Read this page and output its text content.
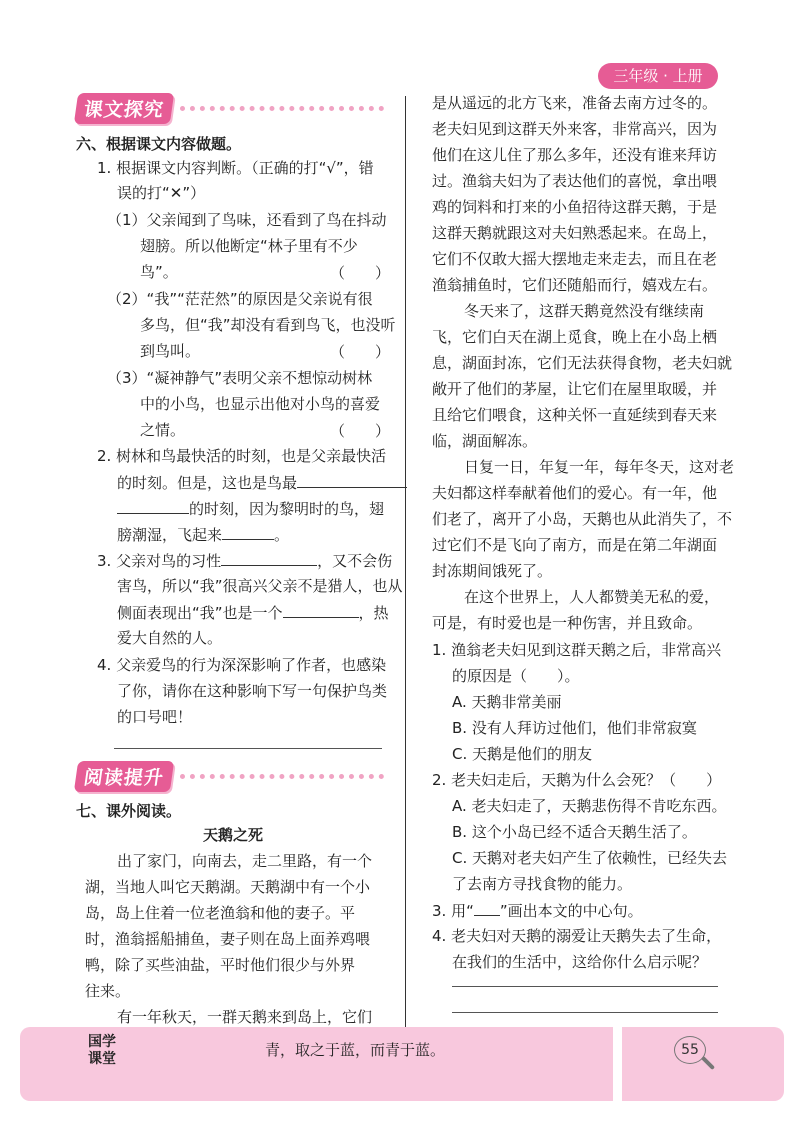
三年级 · 上册
课文探究
六、根据课文内容做题。
1. 根据课文内容判断。（正确的打“√”，错
误的打“✕”）
（1）父亲闻到了鸟味，还看到了鸟在抖动
翅膀。所以他断定“林子里有不少
鸟”。	（　　）
（2）“我”“茫茫然”的原因是父亲说有很
多鸟，但“我”却没有看到鸟飞，也没听
到鸟叫。	（　　）
（3）“凝神静气”表明父亲不想惊动树林
中的小鸟，也显示出他对小鸟的喜爱
之情。	（　　）
2. 树林和鸟最快活的时刻，也是父亲最快活
的时刻。但是，这也是鸟最
的时刻，因为黎明时的鸟，翅
膀潮湿，飞起来	。
3. 父亲对鸟的习性	，又不会伤
害鸟，所以“我”很高兴父亲不是猎人，也从
侧面表现出“我”也是一个	，热
爱大自然的人。
4. 父亲爱鸟的行为深深影响了作者，也感染
了你，请你在这种影响下写一句保护鸟类
的口号吧！
阅读提升
七、课外阅读。
天鹅之死
出了家门，向南去，走二里路，有一个
湖，当地人叫它天鹅湖。天鹅湖中有一个小
岛，岛上住着一位老渔翁和他的妻子。平
时，渔翁摇船捕鱼，妻子则在岛上面养鸡喂
鸭，除了买些油盐，平时他们很少与外界
往来。
有一年秋天，一群天鹅来到岛上，它们
是从遥远的北方飞来，准备去南方过冬的。
老夫妇见到这群天外来客，非常高兴，因为
他们在这儿住了那么多年，还没有谁来拜访
过。渔翁夫妇为了表达他们的喜悦，拿出喂
鸡的饲料和打来的小鱼招待这群天鹅，于是
这群天鹅就跟这对夫妇熟悉起来。在岛上，
它们不仅敢大摇大摆地走来走去，而且在老
渔翁捕鱼时，它们还随船而行，嬉戏左右。
冬天来了，这群天鹅竟然没有继续南
飞，它们白天在湖上觅食，晚上在小岛上栖
息，湖面封冻，它们无法获得食物，老夫妇就
敞开了他们的茅屋，让它们在屋里取暖，并
且给它们喂食，这种关怀一直延续到春天来
临，湖面解冻。
日复一日，年复一年，每年冬天，这对老
夫妇都这样奉献着他们的爱心。有一年，他
们老了，离开了小岛，天鹅也从此消失了，不
过它们不是飞向了南方，而是在第二年湖面
封冻期间饿死了。
在这个世界上，人人都赞美无私的爱，
可是，有时爱也是一种伤害，并且致命。
1. 渔翁老夫妇见到这群天鹅之后，非常高兴
的原因是（　　）。
A. 天鹅非常美丽
B. 没有人拜访过他们，他们非常寂寞
C. 天鹅是他们的朋友
2. 老夫妇走后，天鹅为什么会死？（　　）
A. 老夫妇走了，天鹅悲伤得不肯吃东西。
B. 这个小岛已经不适合天鹅生活了。
C. 天鹅对老夫妇产生了依赖性，已经失去
了去南方寻找食物的能力。
3. 用“ ”画出本文的中心句。
4. 老夫妇对天鹅的溺爱让天鹅失去了生命，
在我们的生活中，这给你什么启示呢？
国学
课堂	青，取之于蓝，而青于蓝。	55
